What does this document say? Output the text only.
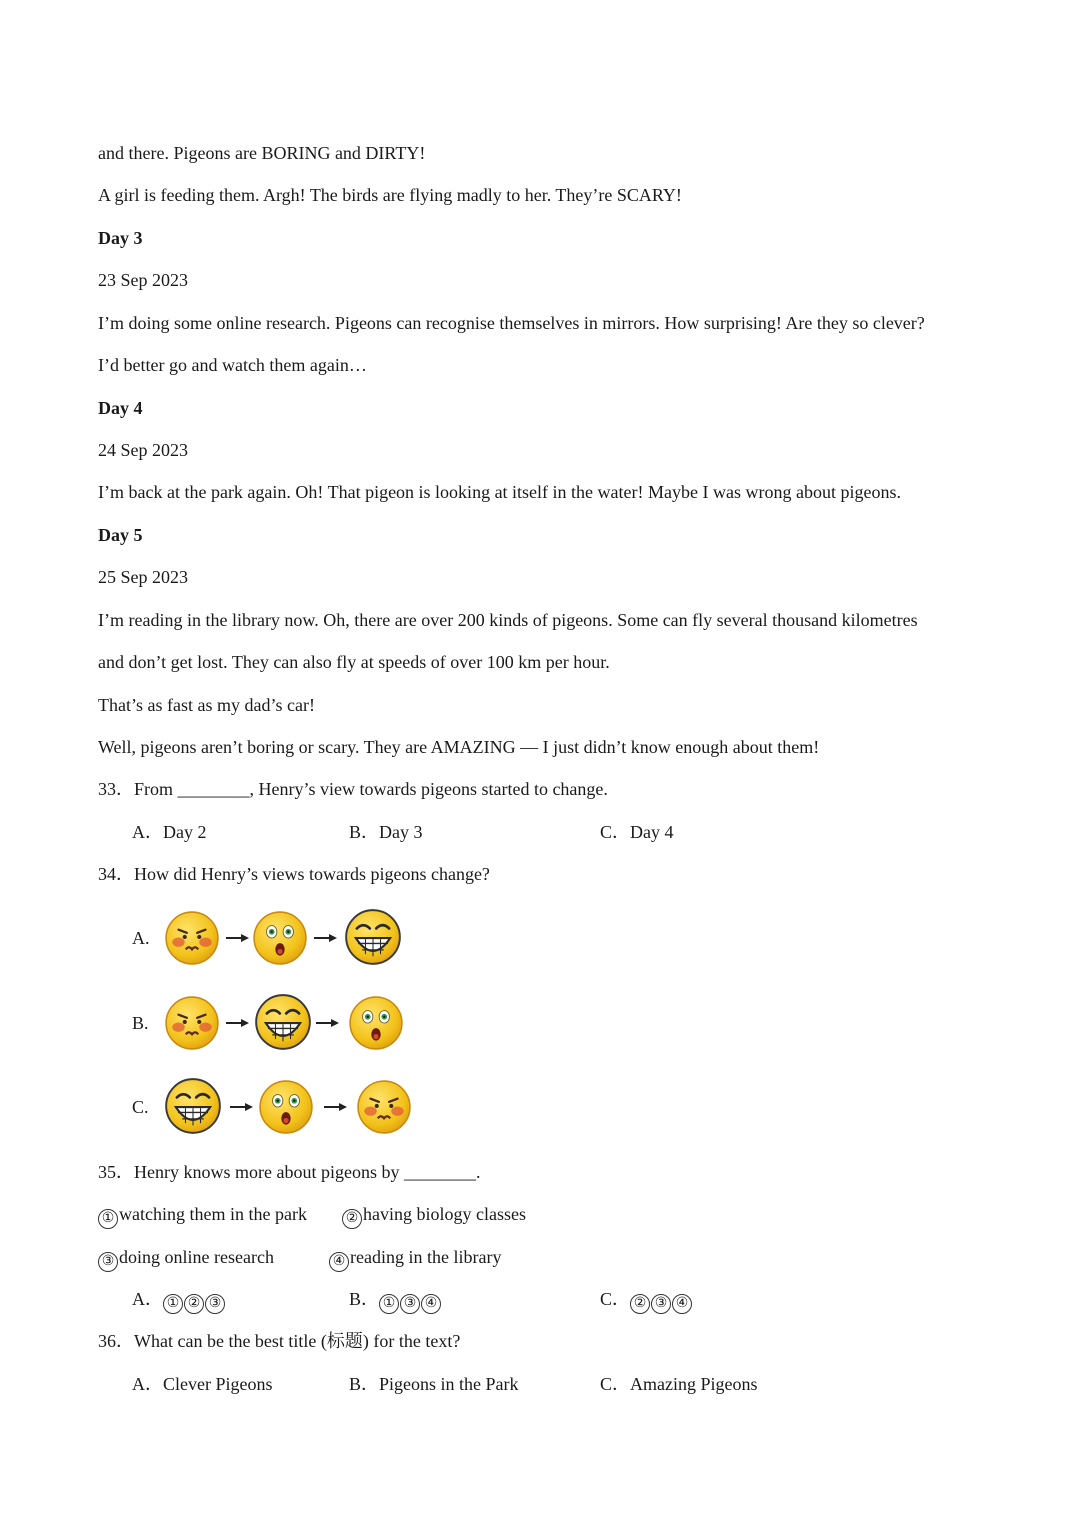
and there. Pigeons are BORING and DIRTY!
A girl is feeding them. Argh! The birds are flying madly to her. They’re SCARY!
Day 3
23 Sep 2023
I’m doing some online research. Pigeons can recognise themselves in mirrors. How surprising! Are they so clever?
I’d better go and watch them again…
Day 4
24 Sep 2023
I’m back at the park again. Oh! That pigeon is looking at itself in the water! Maybe I was wrong about pigeons.
Day 5
25 Sep 2023
I’m reading in the library now. Oh, there are over 200 kinds of pigeons. Some can fly several thousand kilometres
and don’t get lost. They can also fly at speeds of over 100 km per hour.
That’s as fast as my dad’s car!
Well, pigeons aren’t boring or scary. They are AMAZING — I just didn’t know enough about them!
33．From ________, Henry’s view towards pigeons started to change.
A．Day 2	B．Day 3	C．Day 4
34．How did Henry’s views towards pigeons change?
A.
B.
C.
35．Henry knows more about pigeons by ________.
① watching them in the park	② having biology classes
③ doing online research	④ reading in the library
A． ① ② ③	B． ① ③ ④	C． ② ③ ④
36．What can be the best title (标题) for the text?
A．Clever Pigeons	B．Pigeons in the Park	C．Amazing Pigeons
